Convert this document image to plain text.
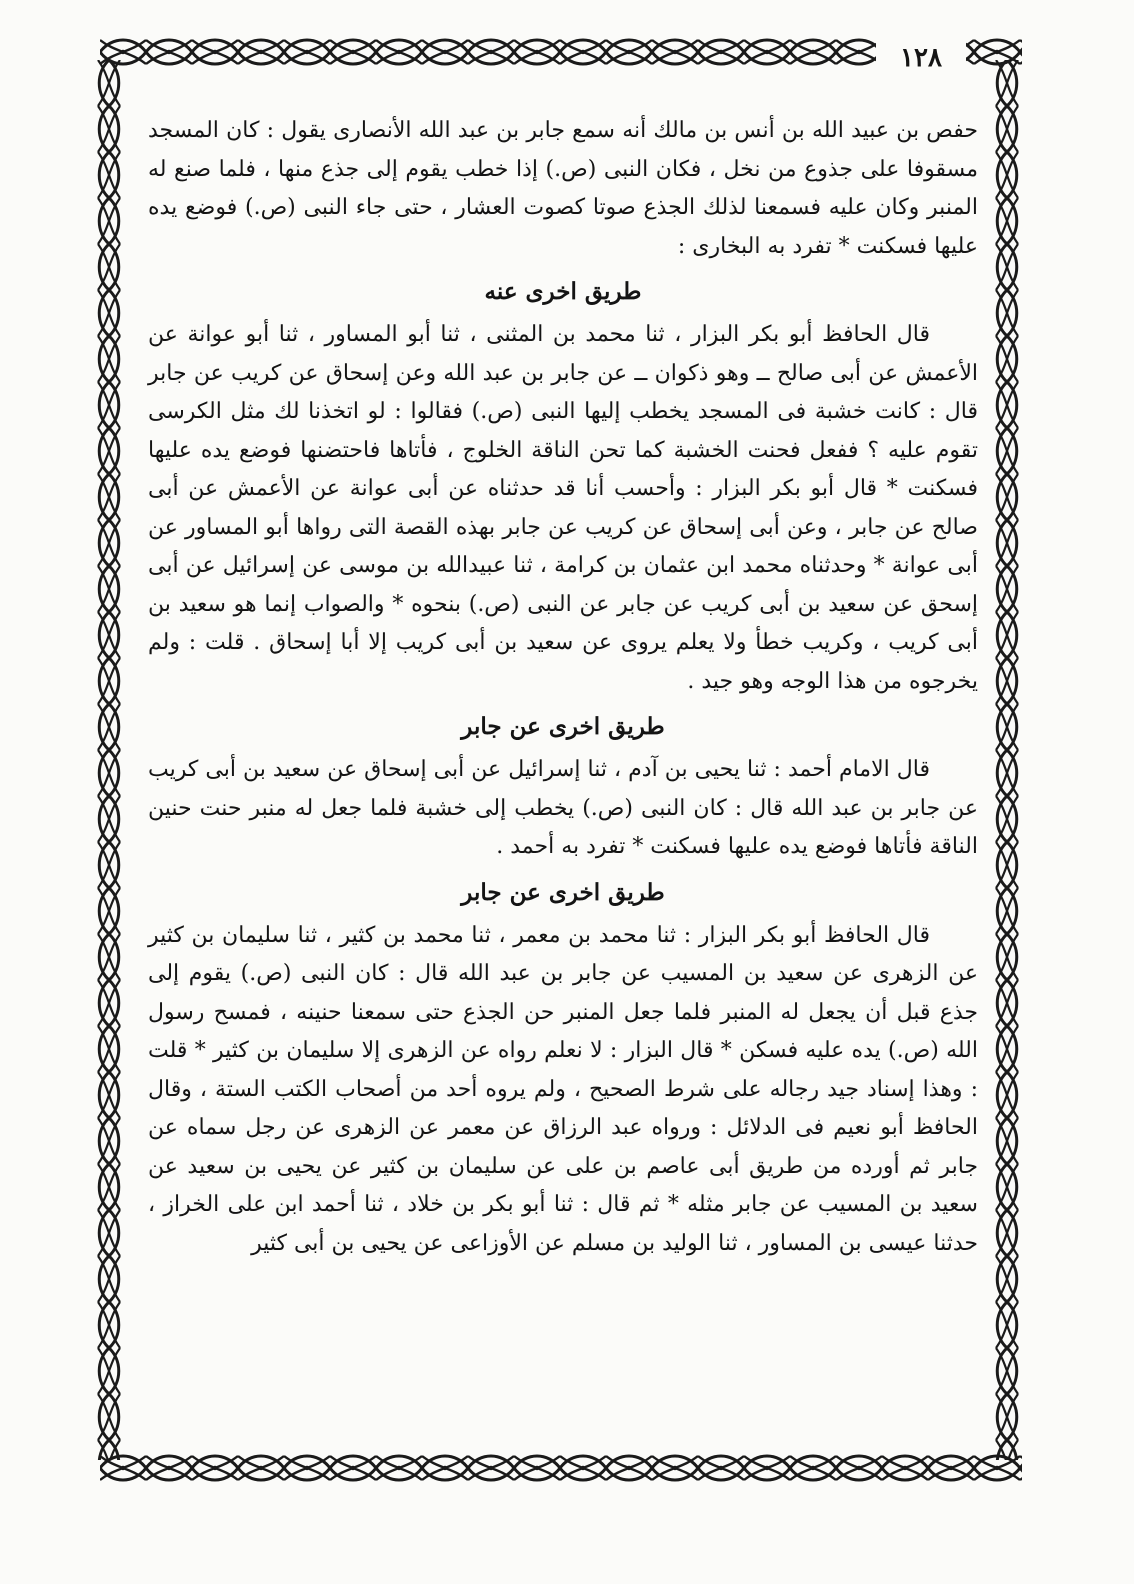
١٢٨

حفص بن عبيد الله بن أنس بن مالك أنه سمع جابر بن عبد الله الأنصارى يقول : كان المسجد مسقوفا على جذوع من نخل ، فكان النبى (ص.) إذا خطب يقوم إلى جذع منها ، فلما صنع له المنبر وكان عليه فسمعنا لذلك الجذع صوتا كصوت العشار ، حتى جاء النبى (ص.) فوضع يده عليها فسكنت * تفرد به البخارى :

طريق اخرى عنه

قال الحافظ أبو بكر البزار ، ثنا محمد بن المثنى ، ثنا أبو المساور ، ثنا أبو عوانة عن الأعمش عن أبى صالح ــ وهو ذكوان ــ عن جابر بن عبد الله وعن إسحاق عن كريب عن جابر قال : كانت خشبة فى المسجد يخطب إليها النبى (ص.) فقالوا : لو اتخذنا لك مثل الكرسى تقوم عليه ؟ ففعل فحنت الخشبة كما تحن الناقة الخلوج ، فأتاها فاحتضنها فوضع يده عليها فسكنت * قال أبو بكر البزار : وأحسب أنا قد حدثناه عن أبى عوانة عن الأعمش عن أبى صالح عن جابر ، وعن أبى إسحاق عن كريب عن جابر بهذه القصة التى رواها أبو المساور عن أبى عوانة * وحدثناه محمد ابن عثمان بن كرامة ، ثنا عبيدالله بن موسى عن إسرائيل عن أبى إسحق عن سعيد بن أبى كريب عن جابر عن النبى (ص.) بنحوه * والصواب إنما هو سعيد بن أبى كريب ، وكريب خطأ ولا يعلم يروى عن سعيد بن أبى كريب إلا أبا إسحاق . قلت : ولم يخرجوه من هذا الوجه وهو جيد .

طريق اخرى عن جابر

قال الامام أحمد : ثنا يحيى بن آدم ، ثنا إسرائيل عن أبى إسحاق عن سعيد بن أبى كريب عن جابر بن عبد الله قال : كان النبى (ص.) يخطب إلى خشبة فلما جعل له منبر حنت حنين الناقة فأتاها فوضع يده عليها فسكنت * تفرد به أحمد .

طريق اخرى عن جابر

قال الحافظ أبو بكر البزار : ثنا محمد بن معمر ، ثنا محمد بن كثير ، ثنا سليمان بن كثير عن الزهرى عن سعيد بن المسيب عن جابر بن عبد الله قال : كان النبى (ص.) يقوم إلى جذع قبل أن يجعل له المنبر فلما جعل المنبر حن الجذع حتى سمعنا حنينه ، فمسح رسول الله (ص.) يده عليه فسكن * قال البزار : لا نعلم رواه عن الزهرى إلا سليمان بن كثير * قلت : وهذا إسناد جيد رجاله على شرط الصحيح ، ولم يروه أحد من أصحاب الكتب الستة ، وقال الحافظ أبو نعيم فى الدلائل : ورواه عبد الرزاق عن معمر عن الزهرى عن رجل سماه عن جابر ثم أورده من طريق أبى عاصم بن على عن سليمان بن كثير عن يحيى بن سعيد عن سعيد بن المسيب عن جابر مثله * ثم قال : ثنا أبو بكر بن خلاد ، ثنا أحمد ابن على الخراز ، حدثنا عيسى بن المساور ، ثنا الوليد بن مسلم عن الأوزاعى عن يحيى بن أبى كثير
